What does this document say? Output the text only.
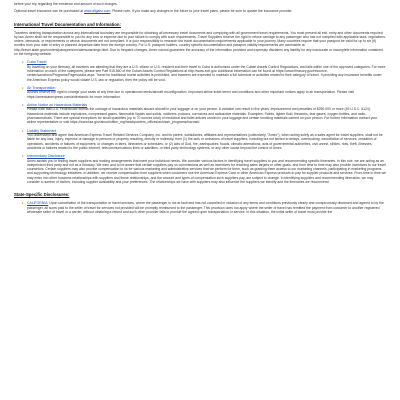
before your trip regarding the existence and amount of such charges.

Optional travel insurance can be purchased at www.aliganz.com. Please note, if you make any changes in the future to your travel plans, please be sure to update the insurance provider.

International Travel Documentation and Information:

Travelers desiring transportation across any international boundary are responsible for obtaining all necessary travel documents and complying with all government travel requirements. You must present all exit, entry and other documents required by law. Amex shall not be responsible to you for any loss or expense due to your failure to comply with such requirements. Travel Suppliers reserve the right to refuse carriage to any passenger who has not complied with applicable laws, regulations, orders, demands, or requirements or whose documents are not compliant. It is your responsibility to research the travel documentation requirements applicable to your journey. Many countries require that your passport be valid for up to six (6) months from your date of entry or planned departure date from the foreign country. For U.S. passport holders, country specific documentation and passport validity requirements are accessible at http://travel.state.gov/content/passports/en/alertswarnings.html. Due to frequent changes, Amex cannot guarantee the accuracy of the information provided and expressly disclaims any liability for any inaccurate or incomplete information contained on the foregoing website.

• Cuba Travel
By traveling on your itinerary, all travelers are attesting that they are a U.S. citizen or U.S. resident and their travel to Cuba is authorized under the Cuban Assets Control Regulations, and falls within one of the approved categories. For more information on each of the categories, please see Part 515.560 of the Cuban Assets Control Regulations at http://www.ecfr.gov. Additional information can be found at https://www.treasury.gov/resource-center/sanctions/Programs/Pages/cuba.aspx. Travel for traditional tourist activities is prohibited, and travelers are expected to maintain a full schedule of activities related to their category of travel. If providing any insurance benefits under the American Express policy would violate U.S. law or regulation, then the policy will be void.
• Air Transportation
Airlines reserve the right to change your seats at any time due to operational needs/aircraft reconfiguration. Important airline ticket terms and conditions and other important notices apply to air transportation. Please visit https://americanexpress.com/airlinetandc for more information.
• Airline Notice on Hazardous Materials
Please note that U.S. Federal law forbids the carriage of hazardous materials aboard aircraft in your luggage or on your person. A violation can result in five years' imprisonment and penalties of $250,000 or more (49 U.S.C. 5124). Hazardous materials include explosives, compressed gases, flammable liquids and solids, oxidizers, poisons, corrosives and radioactive materials. Examples: Paints, lighter fluid, fireworks, tear gases, oxygen bottles, and radio-pharmaceuticals. There are special exceptions for small quantities (up to 70 ounces total) of medicinal and toilet articles carried in your luggage and certain smoking materials carried on your person. For further information contact your airline representative or visit https://www.faa.gov/about/office_org/headquarters_offices/ash/ash_programs/hazmat/.
• Liability Statement
You understand and agree that American Express Travel Related Services Company, Inc. and its parent, subsidiaries, affiliates and representatives (collectively, "Amex"), when acting solely as a sales agent for travel suppliers, shall not be liable for any loss, injury, expense or damage to persons or property resulting, directly or indirectly, from (1) the acts or omissions of travel suppliers, including but not limited to delays, overbooking, cancellation of services, cessation of operations, accidents or failures of equipment, or changes in fares, itineraries or schedules, or (2) acts of God, fire, earthquakes, floods, climatic aberrations, acts of governmental authorities, civil unrest, strikes, riots, theft, illnesses, accidents or failures related to the public internet, telecommunications lines or satellites, or third party technology systems, or any other cause beyond the control of Amex.
• Intermediary Disclosure
Amex assists you in finding travel suppliers and making arrangements that meet your individual needs. We consider various factors in identifying travel suppliers to you and recommending specific itineraries. In this role, we are acting as an independent third party and not as a fiduciary. We earn and to be aware that certain suppliers pay us commissions as well as incentives for reaching sales targets or other goals, and from time to time may also provide incentives to our travel counselors. Certain suppliers may also provide compensation to us for various marketing and administrative services that we perform for them, such as granting them access to our marketing channels, participating in marketing programs and supporting technology initiatives. In addition, we receive compensation from suppliers when customers use the American Express Card or other American Express products to pay for supplier products and services. From time to time we may enter into other business relationships with suppliers and these relationships, and the amount and types of compensation such suppliers pay, are subject to change. In identifying suppliers and recommending itineraries, we may consider a number of factors, including supplier availability and your preferences. The relationships we have with suppliers may also influence the suppliers we identify and the itineraries we recommend.
State-Specific Disclosures:
•	CALIFORNIA: Upon cancellation of the transportation or travel services, where the passenger is not at fault and has not cancelled in violation of any terms and conditions previously clearly and conspicuously disclosed and agreed to by the passenger, all sums paid to the seller of travel for services not provided will be promptly reimbursed to the passenger. This provision does not apply where the seller of travel has remitted the payment from customer to another registered wholesale seller of travel or a carrier, without obtaining a refund and such other provider fails to provide the agreed-upon transportation or service. In this situation, the initial seller of travel must provide the
